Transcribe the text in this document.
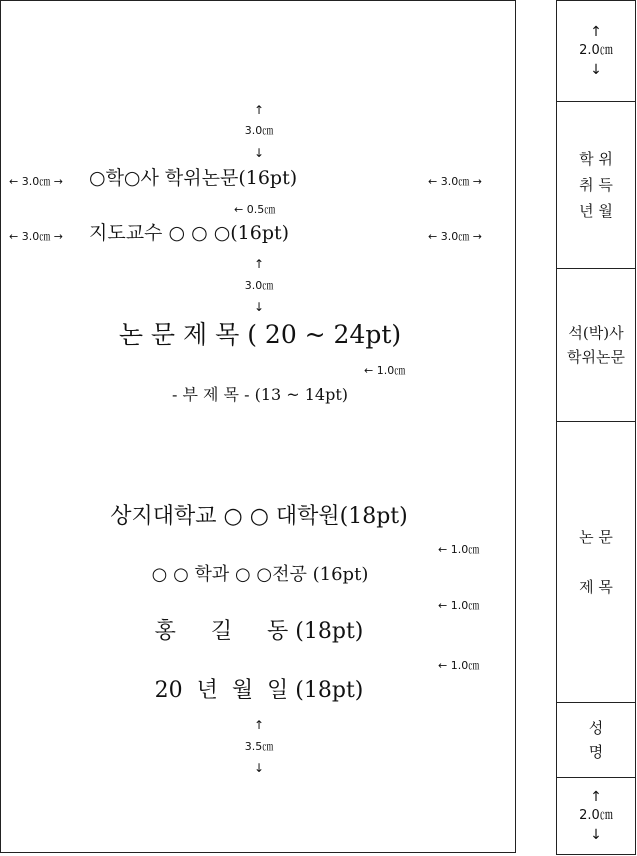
↑
3.0㎝
↓
← 3.0㎝ → ○학○사 학위논문(16pt)	← 3.0㎝ →
← 0.5㎝
← 3.0㎝ → 지도교수 ○ ○ ○(16pt)	← 3.0㎝ →
↑
3.0㎝
↓
논 문 제 목 ( 20 ~ 24pt)
← 1.0㎝
- 부 제 목 - (13 ~ 14pt)
상지대학교 ○ ○ 대학원(18pt)
← 1.0㎝
○ ○ 학과 ○ ○전공 (16pt)
← 1.0㎝
홍     길     동 (18pt)
← 1.0㎝
20  년  월  일 (18pt)
↑
3.5㎝
↓
↑
2.0㎝
↓
학 위
취 득
년 월
석(박)사
학위논문
논 문
제 목
성
명
↑
2.0㎝
↓
